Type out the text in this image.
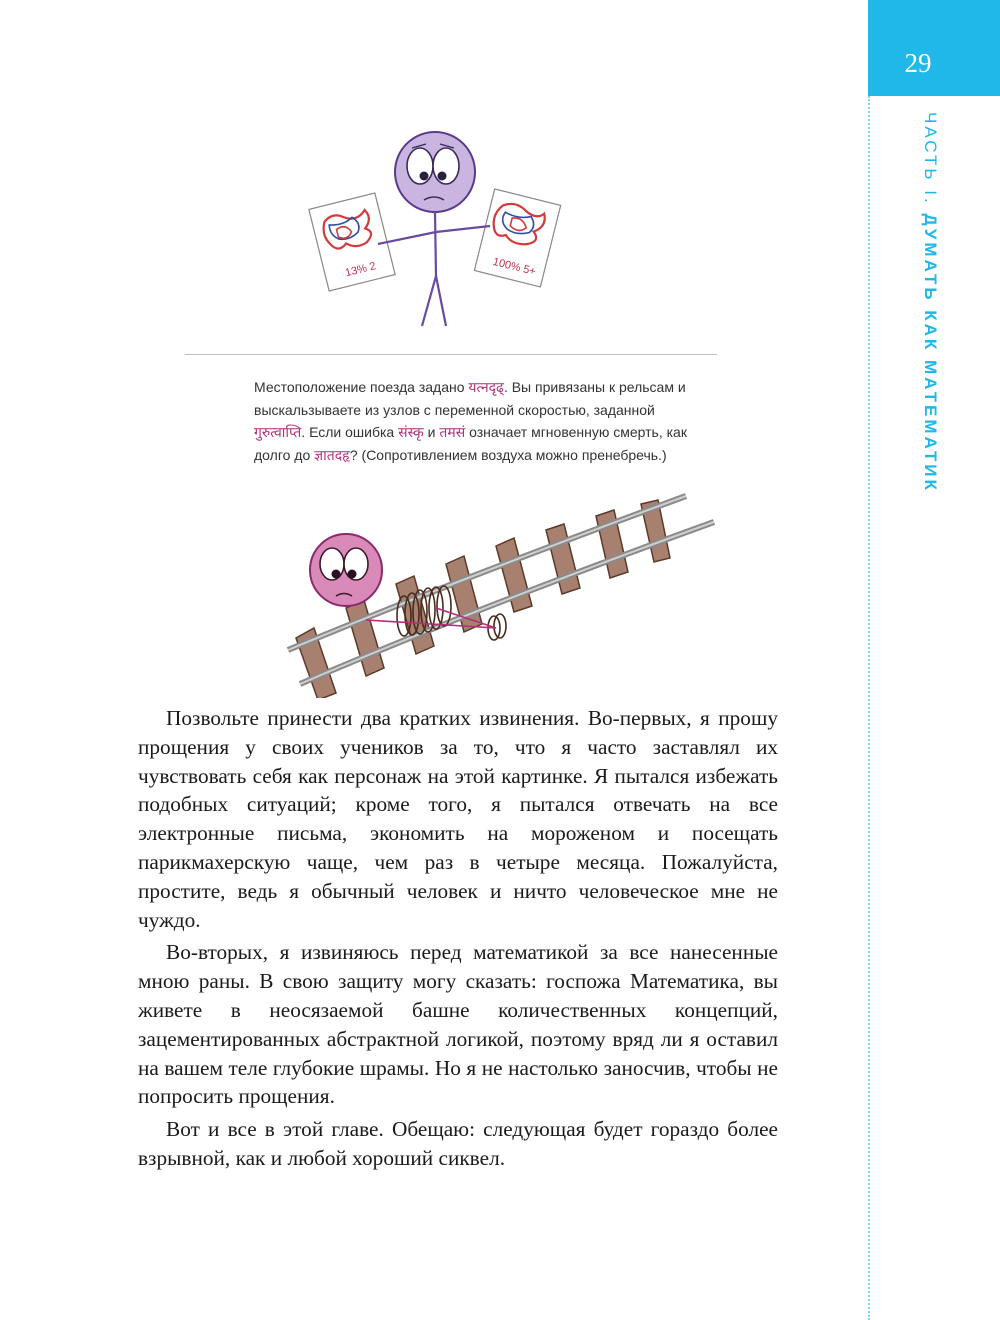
29
ЧАСТЬ I. ДУМАТЬ КАК МАТЕМАТИК
13% 2	100% 5+
Местоположение поезда задано यत्नदृढ्. Вы привязаны к рельсам и выскальзываете из узлов с переменной скоростью, заданной गुरुत्वाप्ति. Если ошибка संस्कृ и तमसं означает мгновенную смерть, как долго до ज्ञातदहृ? (Сопротивлением воздуха можно пренебречь.)

Позвольте принести два кратких извинения. Во-первых, я прошу прощения у своих учеников за то, что я часто заставлял их чувствовать себя как персонаж на этой картинке. Я пытался избежать подобных ситуаций; кроме того, я пытался отвечать на все электронные письма, экономить на мороженом и посещать парикмахерскую чаще, чем раз в четыре месяца. Пожалуйста, простите, ведь я обычный человек и ничто человеческое мне не чуждо.

Во-вторых, я извиняюсь перед математикой за все нанесенные мною раны. В свою защиту могу сказать: госпожа Математика, вы живете в неосязаемой башне количественных концепций, зацементированных абстрактной логикой, поэтому вряд ли я оставил на вашем теле глубокие шрамы. Но я не настолько заносчив, чтобы не попросить прощения.

Вот и все в этой главе. Обещаю: следующая будет гораздо более взрывной, как и любой хороший сиквел.
